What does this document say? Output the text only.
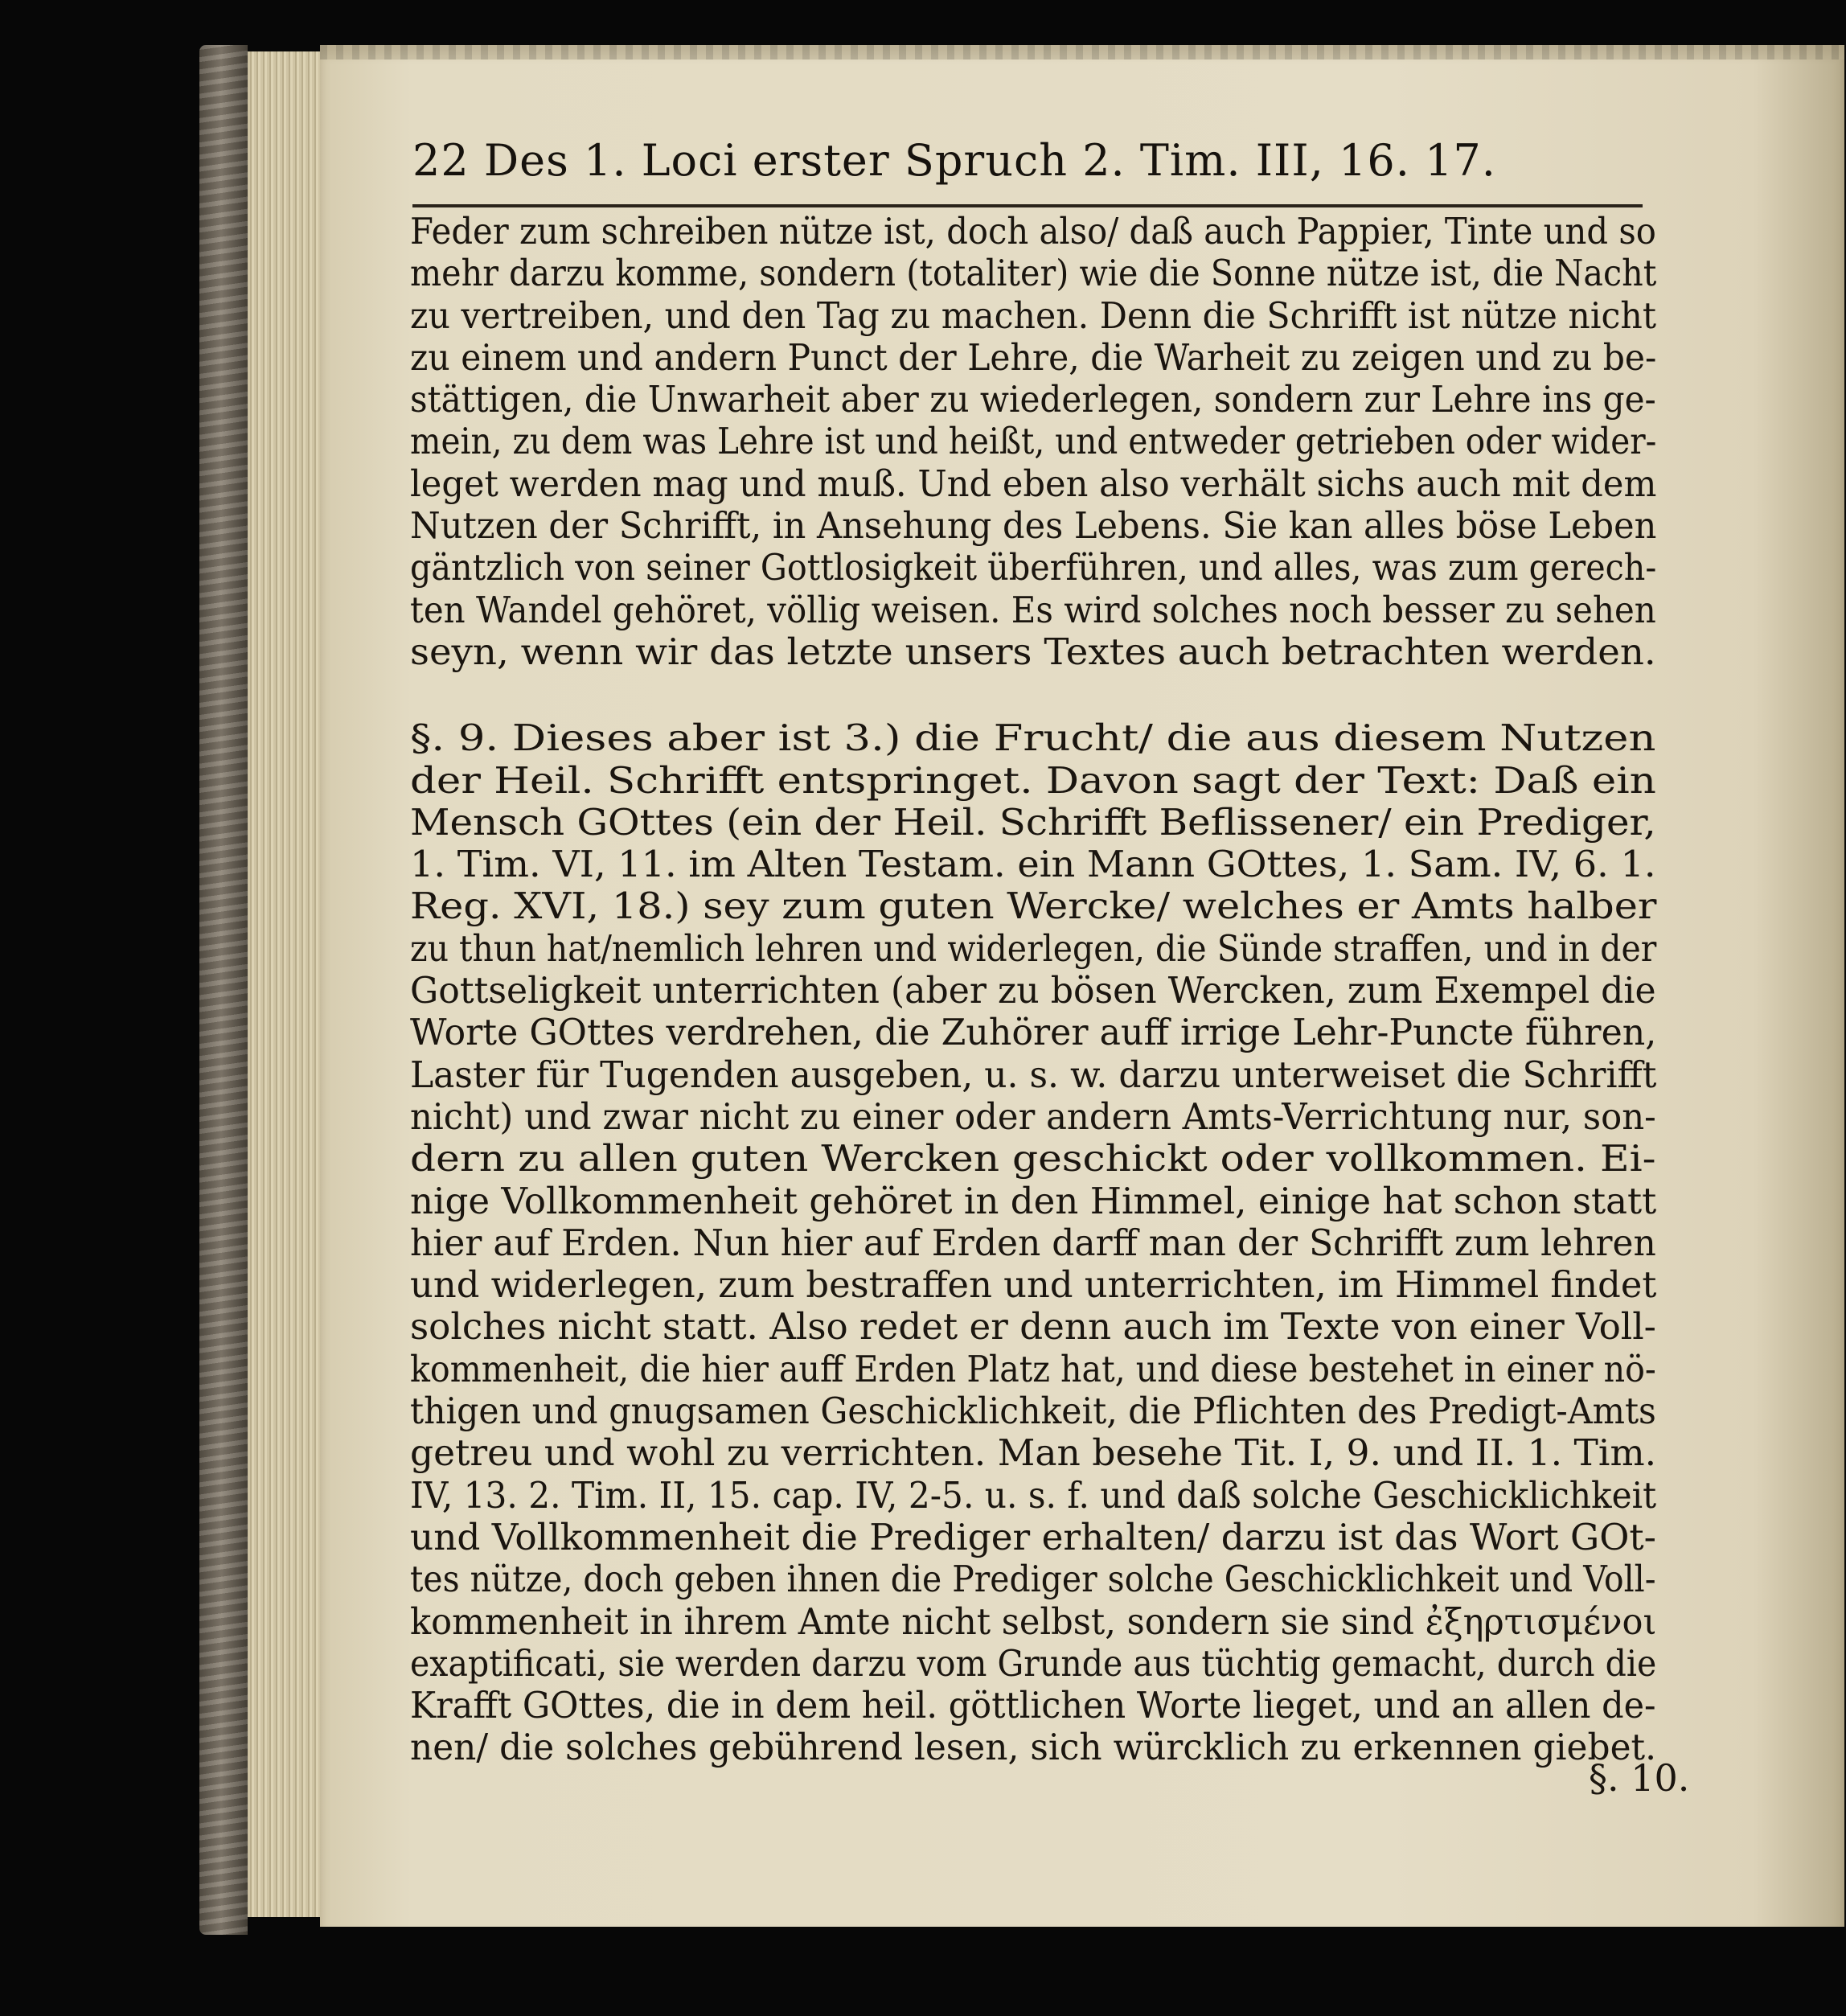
22 Des 1. Loci erster Spruch 2. Tim. III, 16. 17.
Feder zum schreiben nütze ist, doch also/ daß auch Pappier, Tinte und so
mehr darzu komme, sondern (totaliter) wie die Sonne nütze ist, die Nacht
zu vertreiben, und den Tag zu machen. Denn die Schrifft ist nütze nicht
zu einem und andern Punct der Lehre, die Warheit zu zeigen und zu be-
stättigen, die Unwarheit aber zu wiederlegen, sondern zur Lehre ins ge-
mein, zu dem was Lehre ist und heißt, und entweder getrieben oder wider-
leget werden mag und muß. Und eben also verhält sichs auch mit dem
Nutzen der Schrifft, in Ansehung des Lebens. Sie kan alles böse Leben
gäntzlich von seiner Gottlosigkeit überführen, und alles, was zum gerech-
ten Wandel gehöret, völlig weisen. Es wird solches noch besser zu sehen
seyn, wenn wir das letzte unsers Textes auch betrachten werden.
§. 9. Dieses aber ist 3.) die Frucht/ die aus diesem Nutzen
der Heil. Schrifft entspringet. Davon sagt der Text: Daß ein
Mensch GOttes (ein der Heil. Schrifft Beflissener/ ein Prediger,
1. Tim. VI, 11. im Alten Testam. ein Mann GOttes, 1. Sam. IV, 6. 1.
Reg. XVI, 18.) sey zum guten Wercke/ welches er Amts halber
zu thun hat/nemlich lehren und widerlegen, die Sünde straffen, und in der
Gottseligkeit unterrichten (aber zu bösen Wercken, zum Exempel die
Worte GOttes verdrehen, die Zuhörer auff irrige Lehr-Puncte führen,
Laster für Tugenden ausgeben, u. s. w. darzu unterweiset die Schrifft
nicht) und zwar nicht zu einer oder andern Amts-Verrichtung nur, son-
dern zu allen guten Wercken geschickt oder vollkommen. Ei-
nige Vollkommenheit gehöret in den Himmel, einige hat schon statt
hier auf Erden. Nun hier auf Erden darff man der Schrifft zum lehren
und widerlegen, zum bestraffen und unterrichten, im Himmel findet
solches nicht statt. Also redet er denn auch im Texte von einer Voll-
kommenheit, die hier auff Erden Platz hat, und diese bestehet in einer nö-
thigen und gnugsamen Geschicklichkeit, die Pflichten des Predigt-Amts
getreu und wohl zu verrichten. Man besehe Tit. I, 9. und II. 1. Tim.
IV, 13. 2. Tim. II, 15. cap. IV, 2-5. u. s. f. und daß solche Geschicklichkeit
und Vollkommenheit die Prediger erhalten/ darzu ist das Wort GOt-
tes nütze, doch geben ihnen die Prediger solche Geschicklichkeit und Voll-
kommenheit in ihrem Amte nicht selbst, sondern sie sind ἐξηρτισμένοι
exaptificati, sie werden darzu vom Grunde aus tüchtig gemacht, durch die
Krafft GOttes, die in dem heil. göttlichen Worte lieget, und an allen de-
nen/ die solches gebührend lesen, sich würcklich zu erkennen giebet.
§. 10.
